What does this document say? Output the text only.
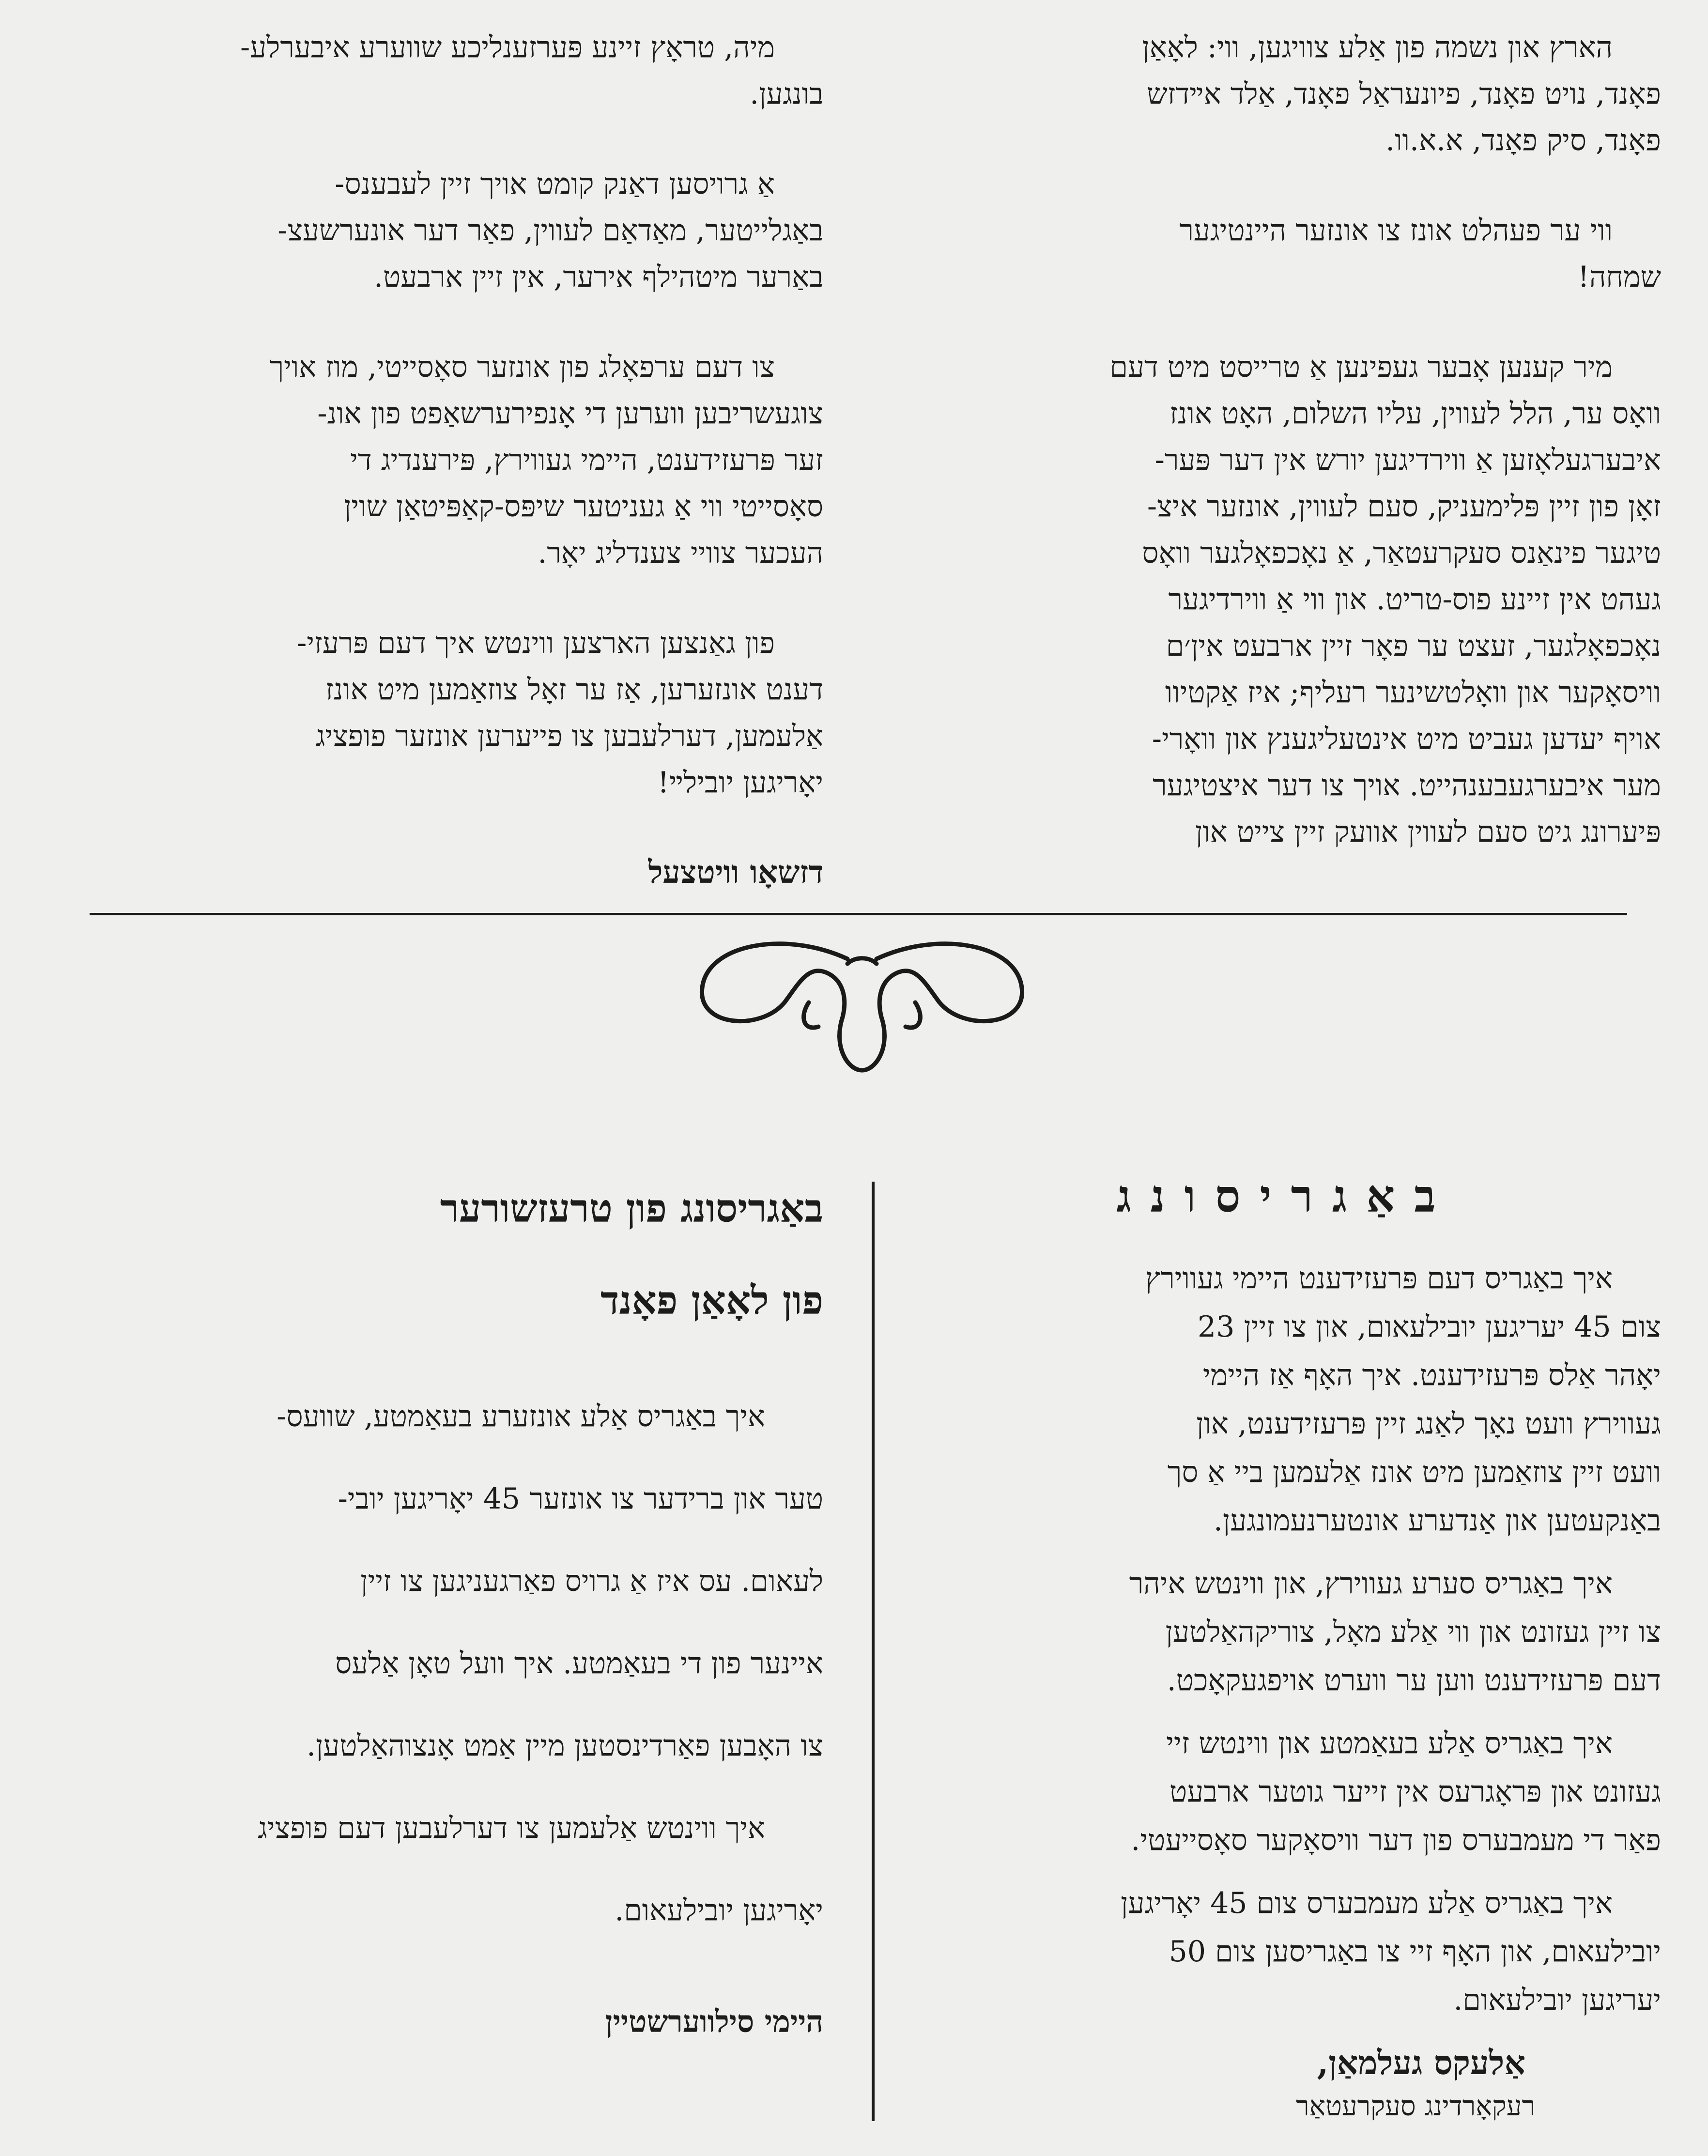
הארץ און נשמה פון אַלע צוויגען, ווי: לאָאַן

פאָנד, נויט פאָנד, פיונעראַל פאָנד, אַלד אײדזש

פאָנד, סיק פאָנד, א.א.וו.

ווי ער פעהלט אונז צו אונזער היינטיגער

שמחה!

מיר קענען אָבער געפינען אַ טרייסט מיט דעם

וואָס ער, הלל לעווין, עליו השלום, האָט אונז

איבערגעלאָזען אַ ווירדיגען יורש אין דער פּער-

זאָן פון זיין פּלימעניק, סעם לעווין, אונזער איצ-

טיגער פינאַנס סעקרעטאַר, אַ נאָכפאָלגער וואָס

געהט אין זיינע פוס-טריט. און ווי אַ ווירדיגער

נאָכפאָלגער, זעצט ער פאָר זיין ארבעט אין׳ם

וויסאָקער און וואָלטשינער רעליף; איז אַקטיוו

אויף יעדען געביט מיט אינטעליגענץ און וואָרי-

מער איבערגעבענהייט. אויך צו דער איצטיגער

פּיערונג גיט סעם לעווין אוועק זיין צייט און

מיה, טראָץ זיינע פּערזענליכע שווערע איבערלע-

בונגען.

אַ גרויסען דאַנק קומט אויך זיין לעבענס-

באַגלייטער, מאַדאַם לעווין, פאַר דער אונערשעצ-

באַרער מיטהילף אירער, אין זיין ארבעט.

צו דעם ערפאָלג פון אונזער סאָסייטי, מוז אויך

צוגעשריבען ווערען די אָנפירערשאַפט פון אונ-

זער פּרעזידענט, היימי געווירץ, פּירענדיג די

סאָסייטי ווי אַ געניטער שיפּס-קאַפּיטאַן שוין

העכער צוויי צענדליג יאָר.

פון גאַנצען הארצען ווינטש איך דעם פּרעזי-

דענט אונזערען, אַז ער זאָל צוזאַמען מיט אונז

אַלעמען, דערלעבען צו פייערען אונזער פופציג

יאָריגען יובילײ!

דזשאָו וויטצעל
באַגריסונג

איך באַגריס דעם פּרעזידענט היימי געווירץ

צום 45 יעריגען יובילעאום, און צו זיין 23

יאָהר אַלס פּרעזידענט. איך האָף אַז היימי

געווירץ וועט נאָך לאַנג זיין פּרעזידענט, און

וועט זיין צוזאַמען מיט אונז אַלעמען ביי אַ סך

באַנקעטען און אַנדערע אונטערנעמונגען.

איך באַגריס סערע געווירץ, און ווינטש איהר

צו זיין געזונט און ווי אַלע מאָל, צוריקהאַלטען

דעם פּרעזידענט ווען ער ווערט אויפגעקאָכט.

איך באַגריס אַלע בעאַמטע און ווינטש זיי

געזונט און פּראָגרעס אין זייער גוטער ארבעט

פאַר די מעמבערס פון דער וויסאָקער סאָסייעטי.

איך באַגריס אַלע מעמבערס צום 45 יאָריגען

יובילעאום, און האָף זיי צו באַגריסען צום 50

יעריגען יובילעאום.

אַלעקס געלמאַן,
רעקאָרדינג סעקרעטאַר
באַגריסונג פון טרעזשורער
פון לאָאַן פאָנד

איך באַגריס אַלע אונזערע בעאַמטע, שוועס-

טער און ברידער צו אונזער 45 יאָריגען יובי-

לעאום. עס איז אַ גרויס פאַרגעניגען צו זיין

איינער פון די בעאַמטע. איך וועל טאָן אַלעס

צו האָבען פאַרדינסטען מיין אַמט אָנצוהאַלטען.

איך ווינטש אַלעמען צו דערלעבען דעם פופציג

יאָריגען יובילעאום.

היימי סילווערשטיין
